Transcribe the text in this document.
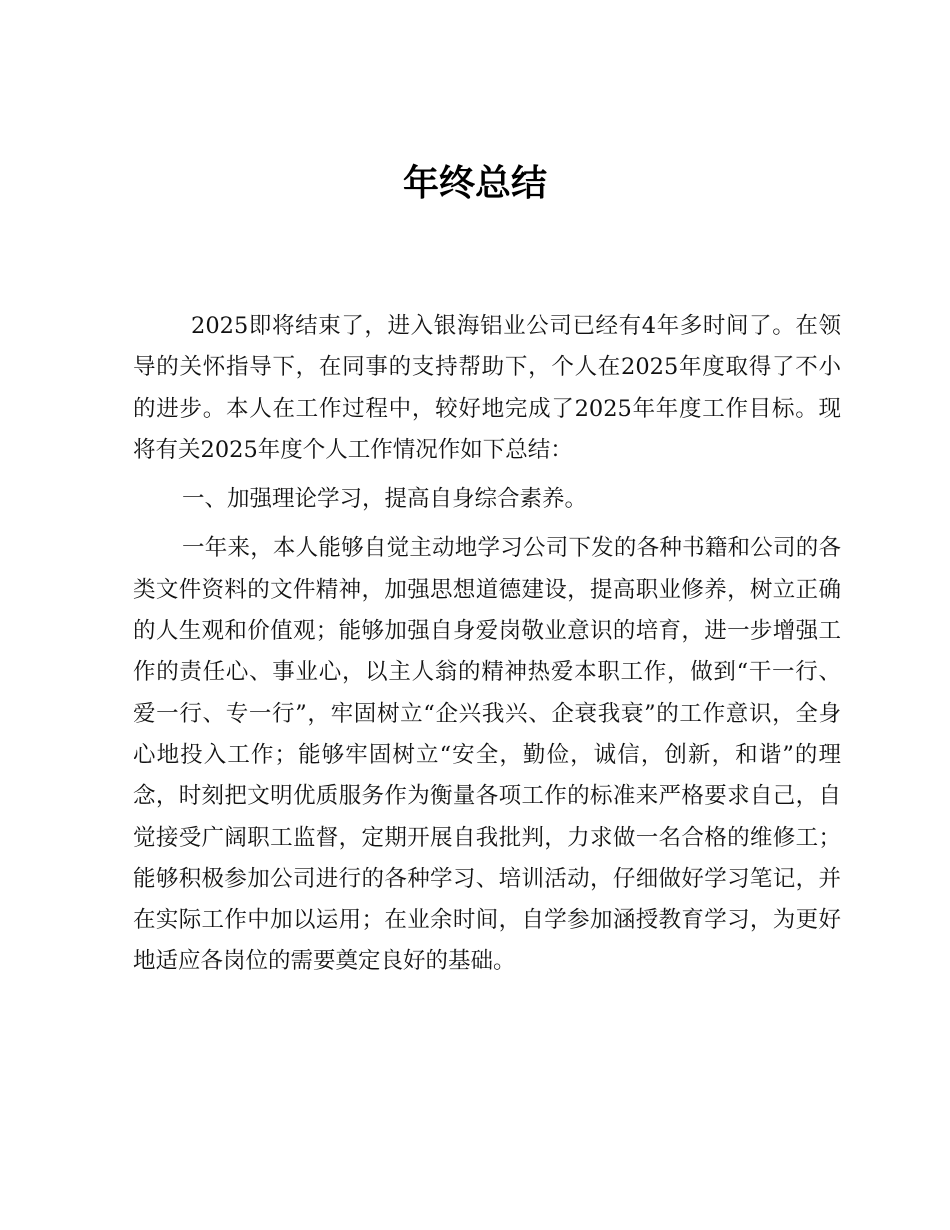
年终总结

2025即将结束了，进入银海铝业公司已经有4年多时间了。在领导的关怀指导下，在同事的支持帮助下，个人在2025年度取得了不小的进步。本人在工作过程中，较好地完成了2025年年度工作目标。现将有关2025年度个人工作情况作如下总结：

一、加强理论学习，提高自身综合素养。

一年来，本人能够自觉主动地学习公司下发的各种书籍和公司的各类文件资料的文件精神，加强思想道德建设，提高职业修养，树立正确的人生观和价值观；能够加强自身爱岗敬业意识的培育，进一步增强工作的责任心、事业心，以主人翁的精神热爱本职工作，做到“干一行、爱一行、专一行”，牢固树立“企兴我兴、企衰我衰”的工作意识，全身心地投入工作；能够牢固树立“安全，勤俭，诚信，创新，和谐”的理念，时刻把文明优质服务作为衡量各项工作的标准来严格要求自己，自觉接受广阔职工监督，定期开展自我批判，力求做一名合格的维修工；能够积极参加公司进行的各种学习、培训活动，仔细做好学习笔记，并在实际工作中加以运用；在业余时间，自学参加涵授教育学习，为更好地适应各岗位的需要奠定良好的基础。
